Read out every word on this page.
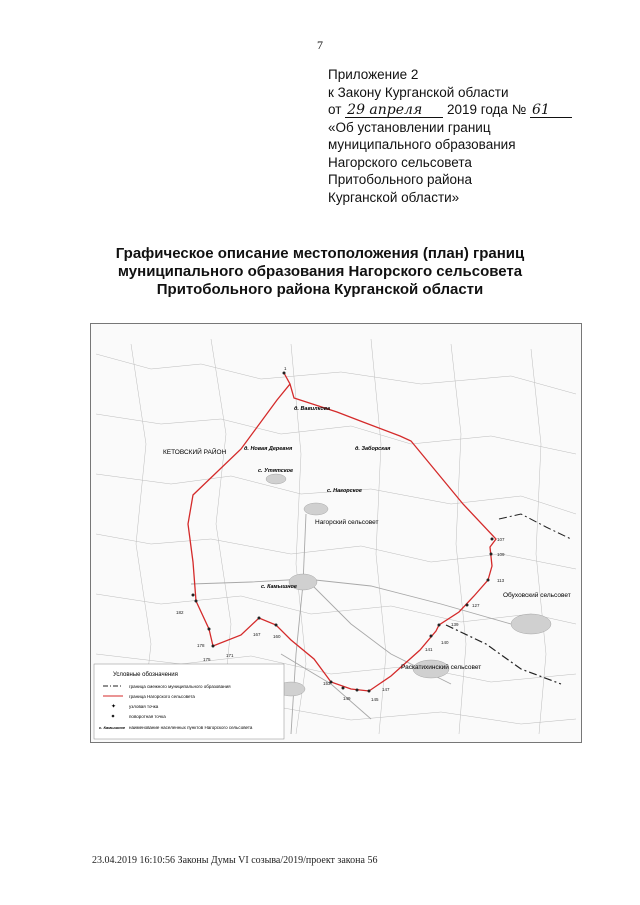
7
Приложение 2
к Закону Курганской области
от 29 апреля 2019 года № 61
«Об установлении границ
муниципального образования
Нагорского сельсовета
Притобольного района
Курганской области»
Графическое описание местоположения (план) границ
муниципального образования Нагорского сельсовета
Притобольного района Курганской области
КЕТОВСКИЙ РАЙОН
Нагорский сельсовет
Обуховский сельсовет
Раскатихинский сельсовет
д. Вавилкова
д. Новая Деревня	д. Заборская
с. Утятское
с. Нагорское
с. Камышное
1
107
109
113
127
139
140
141
145
147
149
153
160
167
171
175
178
182
Условные обозначения
граница смежного муниципального образования
граница Нагорского сельсовета
✦	узловая точка
поворотная точка
с. Камышное наименование населенных пунктов Нагорского сельсовета
23.04.2019 16:10:56 Законы Думы VI созыва/2019/проект закона 56
